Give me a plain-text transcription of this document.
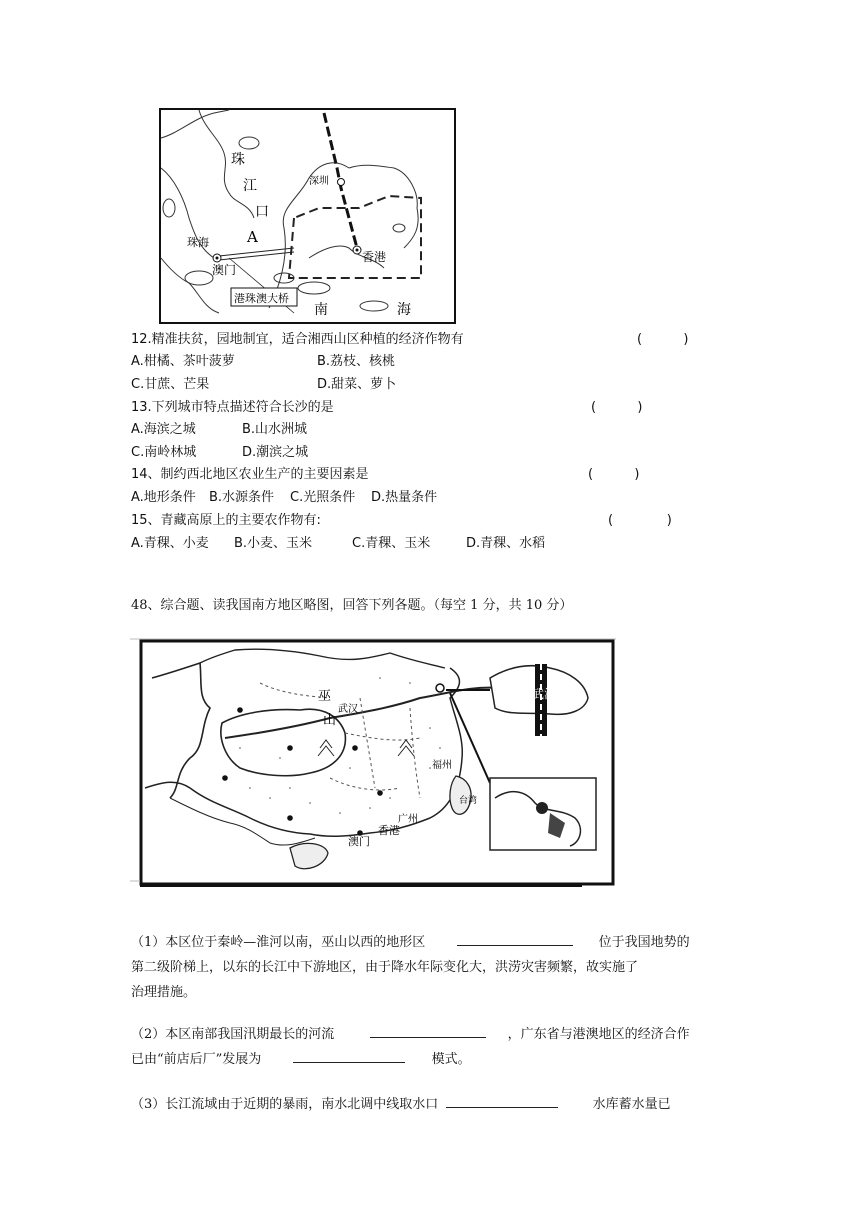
珠
江
口
深圳
珠海	A
澳门
香港
南	海
港珠澳大桥
12.精准扶贫，园地制宜，适合湘西山区种植的经济作物有	(          )
A.柑橘、茶叶菠萝	B.荔枝、核桃
C.甘蔗、芒果	D.甜菜、萝卜
13.下列城市特点描述符合长沙的是	(          )
A.海滨之城	B.山水洲城
C.南岭林城	D.潮滨之城
14、制约西北地区农业生产的主要因素是	(          )
A.地形条件 B.水源条件 C.光照条件 D.热量条件
15、青藏高原上的主要农作物有:	(             )
A.青稞、小麦 B.小麦、玉米	C.青稞、玉米	D.青稞、水稻
48、综合题、读我国南方地区略图，回答下列各题。（每空 1 分，共 10 分）
巫
山
武汉
武汉
福州
广州
香港
澳门
台湾
（1）本区位于秦岭—淮河以南，巫山以西的地形区	位于我国地势的
第二级阶梯上，以东的长江中下游地区，由于降水年际变化大，洪涝灾害频繁，故实施了
治理措施。
（2）本区南部我国汛期最长的河流	，广东省与港澳地区的经济合作
已由“前店后厂”发展为	模式。
（3）长江流域由于近期的暴雨，南水北调中线取水口	水库蓄水量已
